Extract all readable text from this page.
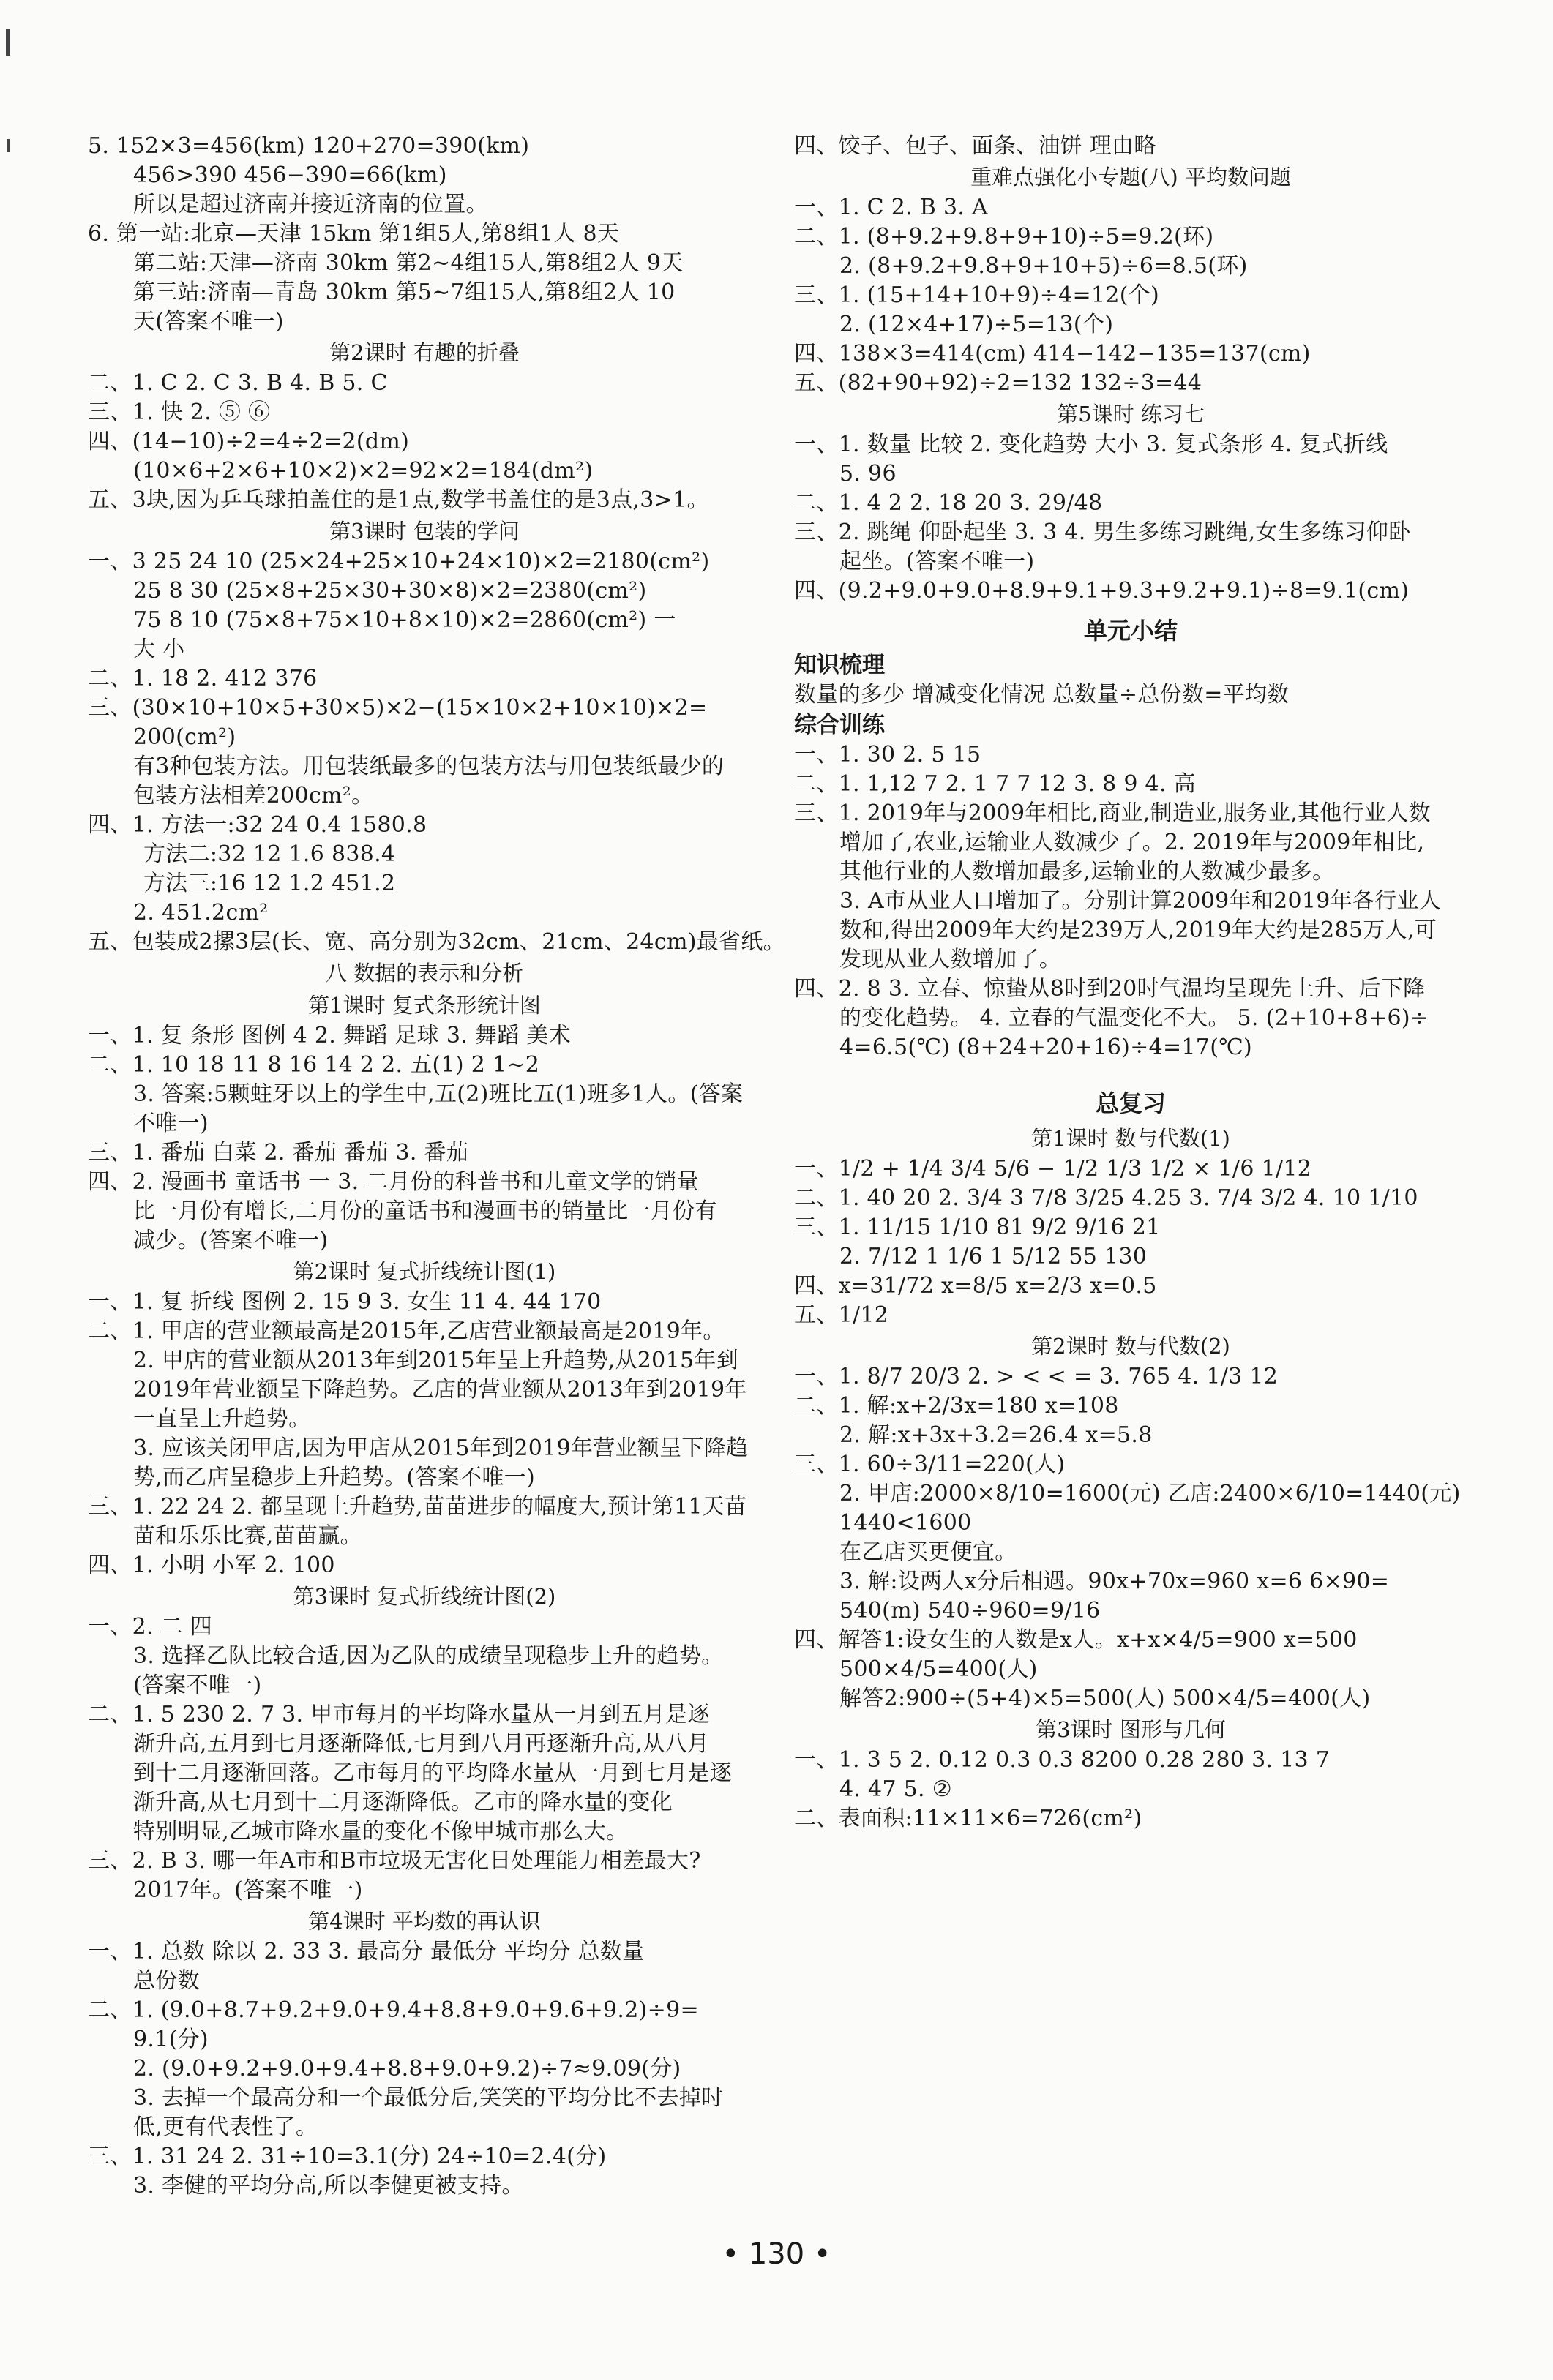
5. 152×3=456(km) 120+270=390(km)
456>390 456−390=66(km)
所以是超过济南并接近济南的位置。
6. 第一站:北京—天津 15km 第1组5人,第8组1人 8天
第二站:天津—济南 30km 第2~4组15人,第8组2人 9天
第三站:济南—青岛 30km 第5~7组15人,第8组2人 10
天(答案不唯一)
第2课时 有趣的折叠
二、1. C 2. C 3. B 4. B 5. C
三、1. 快 2. ⑤ ⑥
四、(14−10)÷2=4÷2=2(dm)
(10×6+2×6+10×2)×2=92×2=184(dm²)
五、3块,因为乒乓球拍盖住的是1点,数学书盖住的是3点,3>1。
第3课时 包装的学问
一、3 25 24 10 (25×24+25×10+24×10)×2=2180(cm²)
25 8 30 (25×8+25×30+30×8)×2=2380(cm²)
75 8 10 (75×8+75×10+8×10)×2=2860(cm²) 一
大 小
二、1. 18 2. 412 376
三、(30×10+10×5+30×5)×2−(15×10×2+10×10)×2=
200(cm²)
有3种包装方法。用包装纸最多的包装方法与用包装纸最少的
包装方法相差200cm²。
四、1. 方法一:32 24 0.4 1580.8
方法二:32 12 1.6 838.4
方法三:16 12 1.2 451.2
2. 451.2cm²
五、包装成2摞3层(长、宽、高分别为32cm、21cm、24cm)最省纸。
八 数据的表示和分析
第1课时 复式条形统计图
一、1. 复 条形 图例 4 2. 舞蹈 足球 3. 舞蹈 美术
二、1. 10 18 11 8 16 14 2 2. 五(1) 2 1~2
3. 答案:5颗蛀牙以上的学生中,五(2)班比五(1)班多1人。(答案
不唯一)
三、1. 番茄 白菜 2. 番茄 番茄 3. 番茄
四、2. 漫画书 童话书 一 3. 二月份的科普书和儿童文学的销量
比一月份有增长,二月份的童话书和漫画书的销量比一月份有
减少。(答案不唯一)
第2课时 复式折线统计图(1)
一、1. 复 折线 图例 2. 15 9 3. 女生 11 4. 44 170
二、1. 甲店的营业额最高是2015年,乙店营业额最高是2019年。
2. 甲店的营业额从2013年到2015年呈上升趋势,从2015年到
2019年营业额呈下降趋势。乙店的营业额从2013年到2019年
一直呈上升趋势。
3. 应该关闭甲店,因为甲店从2015年到2019年营业额呈下降趋
势,而乙店呈稳步上升趋势。(答案不唯一)
三、1. 22 24 2. 都呈现上升趋势,苗苗进步的幅度大,预计第11天苗
苗和乐乐比赛,苗苗赢。
四、1. 小明 小军 2. 100
第3课时 复式折线统计图(2)
一、2. 二 四
3. 选择乙队比较合适,因为乙队的成绩呈现稳步上升的趋势。
(答案不唯一)
二、1. 5 230 2. 7 3. 甲市每月的平均降水量从一月到五月是逐
渐升高,五月到七月逐渐降低,七月到八月再逐渐升高,从八月
到十二月逐渐回落。乙市每月的平均降水量从一月到七月是逐
渐升高,从七月到十二月逐渐降低。乙市的降水量的变化
特别明显,乙城市降水量的变化不像甲城市那么大。
三、2. B 3. 哪一年A市和B市垃圾无害化日处理能力相差最大?
2017年。(答案不唯一)
第4课时 平均数的再认识
一、1. 总数 除以 2. 33 3. 最高分 最低分 平均分 总数量
总份数
二、1. (9.0+8.7+9.2+9.0+9.4+8.8+9.0+9.6+9.2)÷9=
9.1(分)
2. (9.0+9.2+9.0+9.4+8.8+9.0+9.2)÷7≈9.09(分)
3. 去掉一个最高分和一个最低分后,笑笑的平均分比不去掉时
低,更有代表性了。
三、1. 31 24 2. 31÷10=3.1(分) 24÷10=2.4(分)
3. 李健的平均分高,所以李健更被支持。
四、饺子、包子、面条、油饼 理由略
重难点强化小专题(八) 平均数问题
一、1. C 2. B 3. A
二、1. (8+9.2+9.8+9+10)÷5=9.2(环)
2. (8+9.2+9.8+9+10+5)÷6=8.5(环)
三、1. (15+14+10+9)÷4=12(个)
2. (12×4+17)÷5=13(个)
四、138×3=414(cm) 414−142−135=137(cm)
五、(82+90+92)÷2=132 132÷3=44
第5课时 练习七
一、1. 数量 比较 2. 变化趋势 大小 3. 复式条形 4. 复式折线
5. 96
二、1. 4 2 2. 18 20 3. 29/48
三、2. 跳绳 仰卧起坐 3. 3 4. 男生多练习跳绳,女生多练习仰卧
起坐。(答案不唯一)
四、(9.2+9.0+9.0+8.9+9.1+9.3+9.2+9.1)÷8=9.1(cm)
单元小结
知识梳理
数量的多少 增减变化情况 总数量÷总份数=平均数
综合训练
一、1. 30 2. 5 15
二、1. 1,12 7 2. 1 7 7 12 3. 8 9 4. 高
三、1. 2019年与2009年相比,商业,制造业,服务业,其他行业人数
增加了,农业,运输业人数减少了。2. 2019年与2009年相比,
其他行业的人数增加最多,运输业的人数减少最多。
3. A市从业人口增加了。分别计算2009年和2019年各行业人
数和,得出2009年大约是239万人,2019年大约是285万人,可
发现从业人数增加了。
四、2. 8 3. 立春、惊蛰从8时到20时气温均呈现先上升、后下降
的变化趋势。 4. 立春的气温变化不大。 5. (2+10+8+6)÷
4=6.5(℃) (8+24+20+16)÷4=17(℃)
总复习
第1课时 数与代数(1)
一、1/2 + 1/4 3/4 5/6 − 1/2 1/3 1/2 × 1/6 1/12
二、1. 40 20 2. 3/4 3 7/8 3/25 4.25 3. 7/4 3/2 4. 10 1/10
三、1. 11/15 1/10 81 9/2 9/16 21
2. 7/12 1 1/6 1 5/12 55 130
四、x=31/72 x=8/5 x=2/3 x=0.5
五、1/12
第2课时 数与代数(2)
一、1. 8/7 20/3 2. > < < = 3. 765 4. 1/3 12
二、1. 解:x+2/3x=180 x=108
2. 解:x+3x+3.2=26.4 x=5.8
三、1. 60÷3/11=220(人)
2. 甲店:2000×8/10=1600(元) 乙店:2400×6/10=1440(元)
1440<1600
在乙店买更便宜。
3. 解:设两人x分后相遇。90x+70x=960 x=6 6×90=
540(m) 540÷960=9/16
四、解答1:设女生的人数是x人。x+x×4/5=900 x=500
500×4/5=400(人)
解答2:900÷(5+4)×5=500(人) 500×4/5=400(人)
第3课时 图形与几何
一、1. 3 5 2. 0.12 0.3 0.3 8200 0.28 280 3. 13 7
4. 47 5. ②
二、表面积:11×11×6=726(cm²)
• 130 •
